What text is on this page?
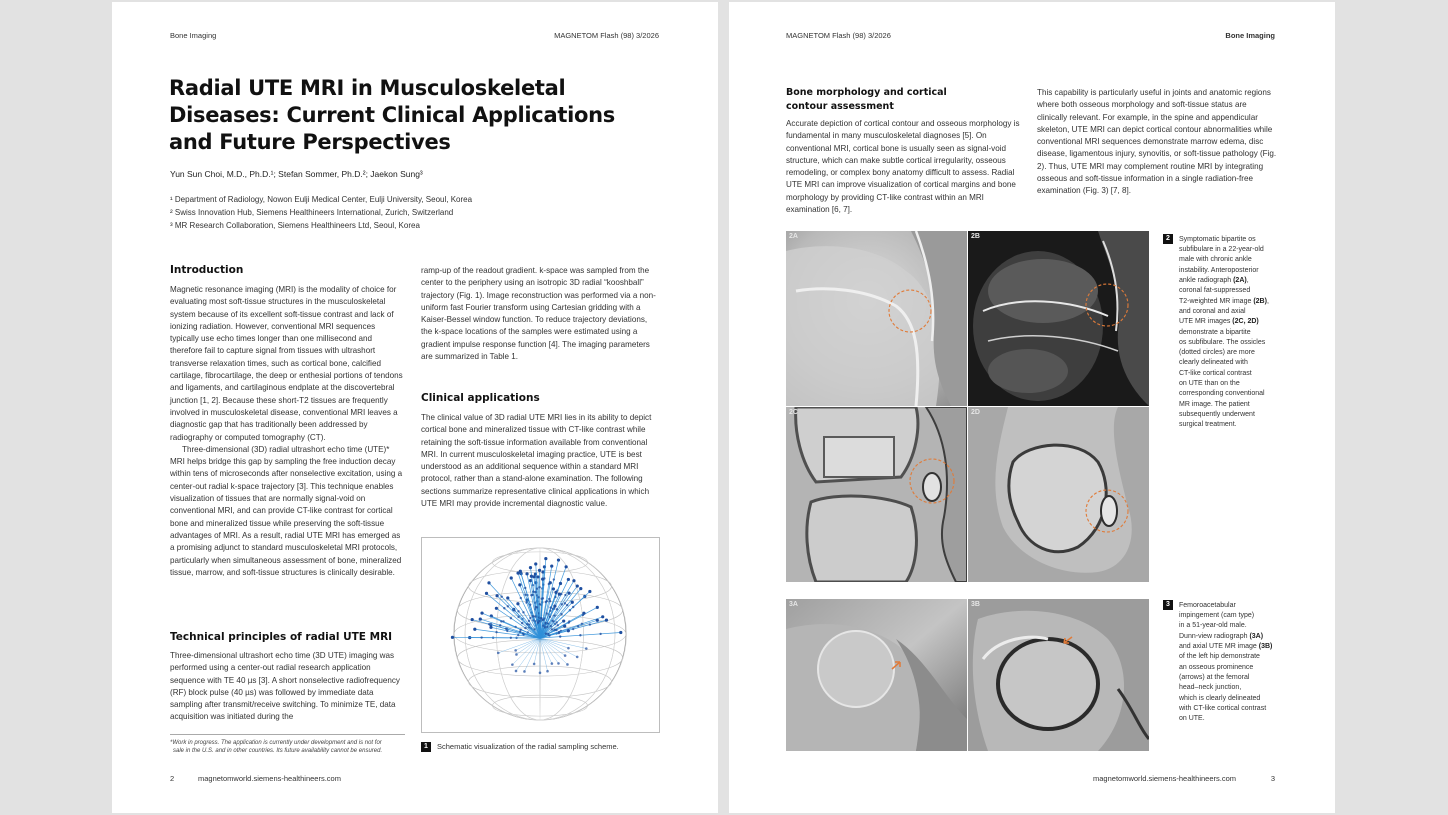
Bone Imaging	MAGNETOM Flash (98) 3/2026
Radial UTE MRI in Musculoskeletal
Diseases: Current Clinical Applications
and Future Perspectives
Yun Sun Choi, M.D., Ph.D.¹; Stefan Sommer, Ph.D.²; Jaekon Sung³
¹ Department of Radiology, Nowon Eulji Medical Center, Eulji University, Seoul, Korea
² Swiss Innovation Hub, Siemens Healthineers International, Zurich, Switzerland
³ MR Research Collaboration, Siemens Healthineers Ltd, Seoul, Korea
Introduction

Magnetic resonance imaging (MRI) is the modality of choice for evaluating most soft-tissue structures in the musculoskeletal system because of its excellent soft-tissue contrast and lack of ionizing radiation. However, conventional MRI sequences typically use echo times longer than one millisecond and therefore fail to capture signal from tissues with ultrashort transverse relaxation times, such as cortical bone, calcified cartilage, fibrocartilage, the deep or enthesial portions of tendons and ligaments, and cartilaginous endplate at the discovertebral junction [1, 2]. Because these short-T2 tissues are frequently involved in musculoskeletal disease, conventional MRI leaves a diagnostic gap that has traditionally been addressed by radiography or computed tomography (CT).

Three-dimensional (3D) radial ultrashort echo time (UTE)* MRI helps bridge this gap by sampling the free induction decay within tens of microseconds after nonselective excitation, using a center-out radial k-space trajectory [3]. This technique enables visualization of tissues that are normally signal-void on conventional MRI, and can provide CT-like contrast for cortical bone and mineralized tissue while preserving the soft-tissue advantages of MRI. As a result, radial UTE MRI has emerged as a promising adjunct to standard musculoskeletal MRI protocols, particularly when simultaneous assessment of bone, mineralized tissue, marrow, and soft-tissue structures is clinically desirable.

Technical principles of radial UTE MRI
Three-dimensional ultrashort echo time (3D UTE) imaging was performed using a center-out radial research application sequence with TE 40 µs [3]. A short nonselective radiofrequency (RF) block pulse (40 µs) was followed by immediate data sampling after transmit/receive switching. To minimize TE, data acquisition was initiated during the
*Work in progress. The application is currently under development and is not for
sale in the U.S. and in other countries. Its future availability cannot be ensured.
ramp-up of the readout gradient. k-space was sampled from the center to the periphery using an isotropic 3D radial “kooshball” trajectory (Fig. 1). Image reconstruction was performed via a non-uniform fast Fourier transform using Cartesian gridding with a Kaiser-Bessel window function. To reduce trajectory deviations, the k-space locations of the samples were estimated using a gradient impulse response function [4]. The imaging parameters are summarized in Table 1.
Clinical applications
The clinical value of 3D radial UTE MRI lies in its ability to depict cortical bone and mineralized tissue with CT-like contrast while retaining the soft-tissue information available from conventional MRI. In current musculoskeletal imaging practice, UTE is best understood as an additional sequence within a standard MRI protocol, rather than a stand-alone examination. The following sections summarize representative clinical applications in which UTE MRI may provide incremental diagnostic value.
1 Schematic visualization of the radial sampling scheme.
2	magnetomworld.siemens-healthineers.com
MAGNETOM Flash (98) 3/2026	Bone Imaging
Bone morphology and cortical
contour assessment
Accurate depiction of cortical contour and osseous morphology is fundamental in many musculoskeletal diagnoses [5]. On conventional MRI, cortical bone is usually seen as signal-void structure, which can make subtle cortical irregularity, osseous remodeling, or complex bony anatomy difficult to assess. Radial UTE MRI can improve visualization of cortical margins and bone morphology by providing CT-like contrast within an MRI examination [6, 7].
This capability is particularly useful in joints and anatomic regions where both osseous morphology and soft-tissue status are clinically relevant. For example, in the spine and appendicular skeleton, UTE MRI can depict cortical contour abnormalities while conventional MRI sequences demonstrate marrow edema, disc disease, ligamentous injury, synovitis, or soft-tissue pathology (Fig. 2). Thus, UTE MRI may complement routine MRI by integrating osseous and soft-tissue information in a single radiation-free examination (Fig. 3) [7, 8].
2A	2B
2C	2D
2 Symptomatic bipartite os
subfibulare in a 22-year-old
male with chronic ankle
instability. Anteroposterior
ankle radiograph (2A),
coronal fat-suppressed
T2-weighted MR image (2B),
and coronal and axial
UTE MR images (2C, 2D)
demonstrate a bipartite
os subfibulare. The ossicles
(dotted circles) are more
clearly delineated with
CT-like cortical contrast
on UTE than on the
corresponding conventional
MR image. The patient
subsequently underwent
surgical treatment.
3A	3B	3 Femoroacetabular
impingement (cam type)
in a 51-year-old male.
Dunn-view radiograph (3A)
and axial UTE MR image (3B)
of the left hip demonstrate
an osseous prominence
(arrows) at the femoral
head–neck junction,
which is clearly delineated
with CT-like cortical contrast
on UTE.
magnetomworld.siemens-healthineers.com	3
